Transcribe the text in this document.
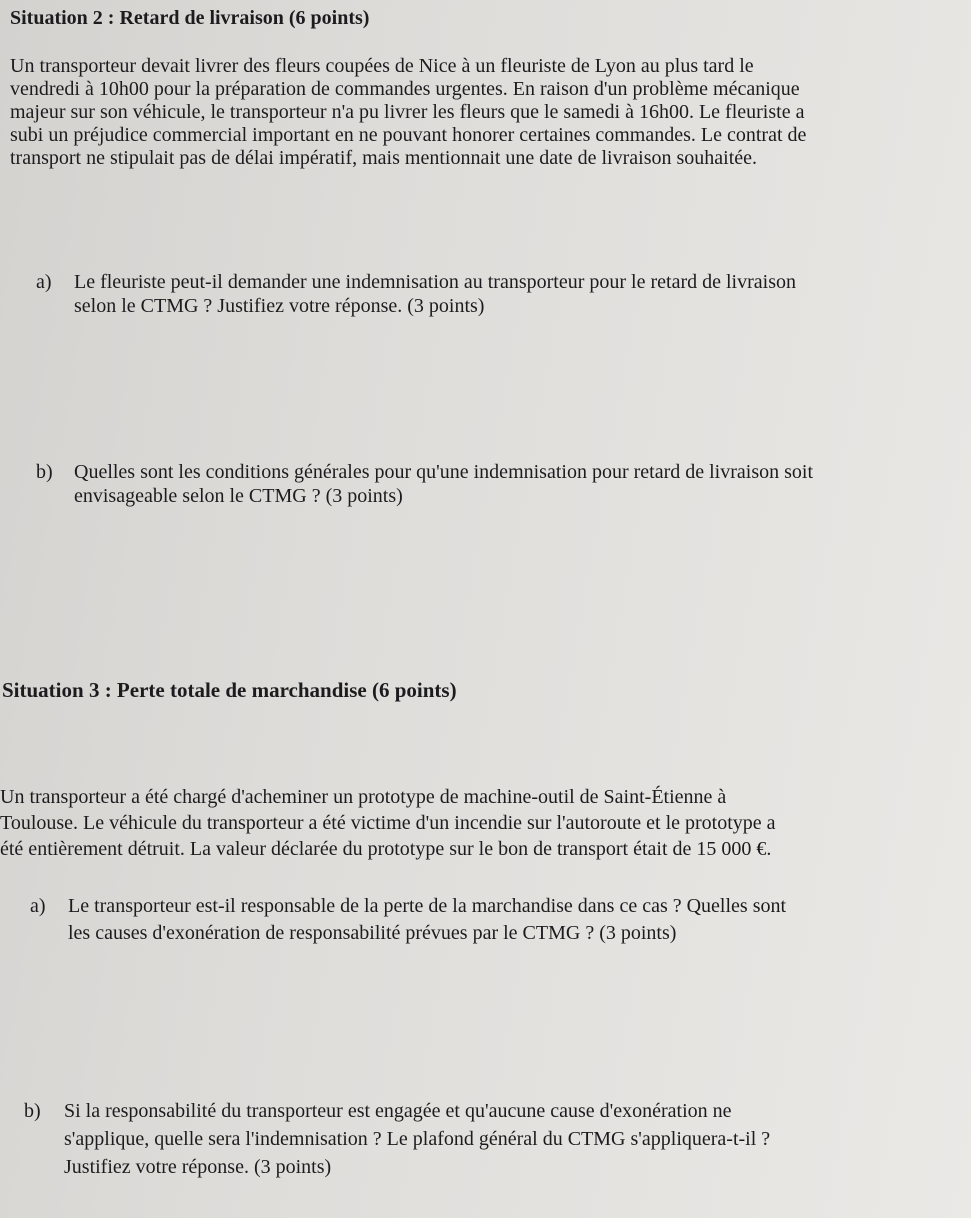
Situation 2 : Retard de livraison (6 points)
Un transporteur devait livrer des fleurs coupées de Nice à un fleuriste de Lyon au plus tard le
vendredi à 10h00 pour la préparation de commandes urgentes. En raison d'un problème mécanique
majeur sur son véhicule, le transporteur n'a pu livrer les fleurs que le samedi à 16h00. Le fleuriste a
subi un préjudice commercial important en ne pouvant honorer certaines commandes. Le contrat de
transport ne stipulait pas de délai impératif, mais mentionnait une date de livraison souhaitée.
a) Le fleuriste peut-il demander une indemnisation au transporteur pour le retard de livraison
selon le CTMG ? Justifiez votre réponse. (3 points)
b) Quelles sont les conditions générales pour qu'une indemnisation pour retard de livraison soit
envisageable selon le CTMG ? (3 points)
Situation 3 : Perte totale de marchandise (6 points)
Un transporteur a été chargé d'acheminer un prototype de machine-outil de Saint-Étienne à
Toulouse. Le véhicule du transporteur a été victime d'un incendie sur l'autoroute et le prototype a
été entièrement détruit. La valeur déclarée du prototype sur le bon de transport était de 15 000 €.
a) Le transporteur est-il responsable de la perte de la marchandise dans ce cas ? Quelles sont
les causes d'exonération de responsabilité prévues par le CTMG ? (3 points)
b) Si la responsabilité du transporteur est engagée et qu'aucune cause d'exonération ne
s'applique, quelle sera l'indemnisation ? Le plafond général du CTMG s'appliquera-t-il ?
Justifiez votre réponse. (3 points)
